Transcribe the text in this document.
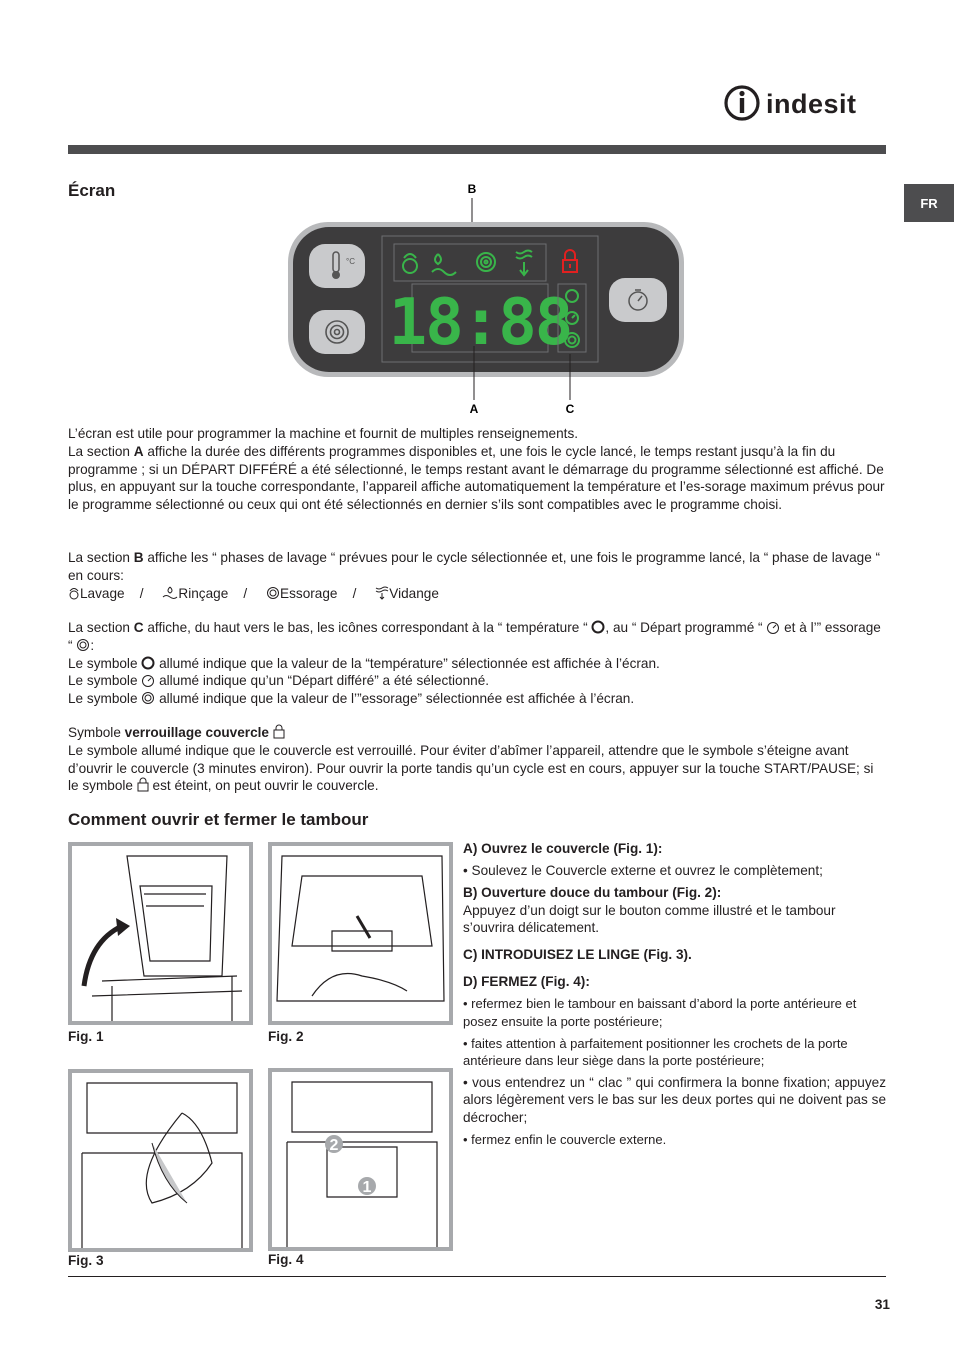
indesit
FR
Écran	B
°C
18:88
A	C

L’écran est utile pour programmer la machine et fournit de multiples renseignements.

La section A affiche la durée des différents programmes disponibles et, une fois le cycle lancé, le temps restant jusqu’à la fin du programme ; si un DÉPART DIFFÉRÉ a été sélectionné, le temps restant avant le démarrage du programme sélectionné est affiché. De plus, en appuyant sur la touche correspondante, l’appareil affiche automatiquement la température et l’es-sorage maximum prévus pour le programme sélectionné ou ceux qui ont été sélectionnés en dernier s’ils sont compatibles avec le programme choisi.

La section B affiche les “ phases de lavage “ prévues pour le cycle sélectionnée et, une fois le programme lancé, la “ phase de lavage “ en cours:

Lavage /	Rinçage / Essorage / Vidange

La section C affiche, du haut vers le bas, les icônes correspondant à la “ température “ , au “ Départ programmé “  et à l’” essorage “ :

Le symbole  allumé indique que la valeur de la “température” sélectionnée est affichée à l’écran.

Le symbole  allumé indique qu’un “Départ différé” a été sélectionné.

Le symbole  allumé indique que la valeur de l’”essorage” sélectionnée est affichée à l’écran.

Symbole verrouillage couvercle

Le symbole allumé indique que le couvercle est verrouillé. Pour éviter d’abîmer l’appareil, attendre que le symbole s’éteigne avant d’ouvrir le couvercle (3 minutes environ). Pour ouvrir la porte tandis qu’un cycle est en cours, appuyer sur la touche START/PAUSE; si le symbole  est éteint, on peut ouvrir le couvercle.

Comment ouvrir et fermer le tambour
Fig. 1	Fig. 2
Fig. 3
2
1
Fig. 4

A) Ouvrez le couvercle (Fig. 1):

• Soulevez le Couvercle externe et ouvrez le complètement;

B) Ouverture douce du tambour (Fig. 2):

Appuyez d’un doigt sur le bouton comme illustré et le tambour s’ouvrira délicatement.

C) INTRODUISEZ LE LINGE (Fig. 3).

D) FERMEZ (Fig. 4):

• refermez bien le tambour en baissant d’abord la porte antérieure et posez ensuite la porte postérieure;

• faites attention à parfaitement positionner les crochets de la porte antérieure dans leur siège dans la porte postérieure;

• vous entendrez un “ clac ” qui confirmera la bonne fixation; appuyez alors légèrement vers le bas sur les deux portes qui ne doivent pas se décrocher;

• fermez enfin le couvercle externe.

31
